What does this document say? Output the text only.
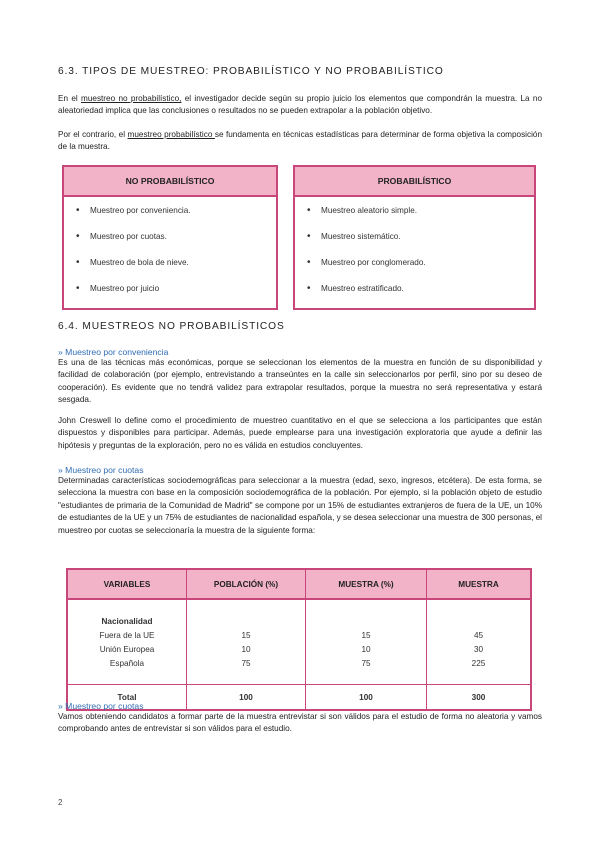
6.3. TIPOS DE MUESTREO: PROBABILÍSTICO Y NO PROBABILÍSTICO

En el muestreo no probabilístico, el investigador decide según su propio juicio los elementos que compondrán la muestra. La no aleatoriedad implica que las conclusiones o resultados no se pueden extrapolar a la población objetivo.

Por el contrario, el muestreo probabilístico se fundamenta en técnicas estadísticas para determinar de forma objetiva la composición de la muestra.

NO PROBABILÍSTICO
• Muestreo por conveniencia.
• Muestreo por cuotas.
• Muestreo de bola de nieve.
• Muestreo por juicio
PROBABILÍSTICO
• Muestreo aleatorio simple.
• Muestreo sistemático.
• Muestreo por conglomerado.
• Muestreo estratificado.
6.4. MUESTREOS NO PROBABILÍSTICOS
» Muestreo por conveniencia

Es una de las técnicas más económicas, porque se seleccionan los elementos de la muestra en función de su disponibilidad y facilidad de colaboración (por ejemplo, entrevistando a transeúntes en la calle sin seleccionarlos por perfil, sino por su deseo de cooperación). Es evidente que no tendrá validez para extrapolar resultados, porque la muestra no será representativa y estará sesgada.

John Creswell lo define como el procedimiento de muestreo cuantitativo en el que se selecciona a los participantes que están dispuestos y disponibles para participar. Además, puede emplearse para una investigación exploratoria que ayude a definir las hipótesis y preguntas de la exploración, pero no es válida en estudios concluyentes.

» Muestreo por cuotas

Determinadas características sociodemográficas para seleccionar a la muestra (edad, sexo, ingresos, etcétera). De esta forma, se selecciona la muestra con base en la composición sociodemográfica de la población. Por ejemplo, si la población objeto de estudio "estudiantes de primaria de la Comunidad de Madrid" se compone por un 15% de estudiantes extranjeros de fuera de la UE, un 10% de estudiantes de la UE y un 75% de estudiantes de nacionalidad española, y se desea seleccionar una muestra de 300 personas, el muestreo por cuotas se seleccionaría la muestra de la siguiente forma:

VARIABLES	POBLACIÓN (%)	MUESTRA (%)	MUESTRA

Nacionalidad			
Fuera de la UE	15	15	45
Unión Europea	10	10	30
Española	75	75	225

Total	100	100	300
» Muestreo por cuotas

Vamos obteniendo candidatos a formar parte de la muestra entrevistar si son válidos para el estudio de forma no aleatoria y vamos comprobando antes de entrevistar si son válidos para el estudio.

2
